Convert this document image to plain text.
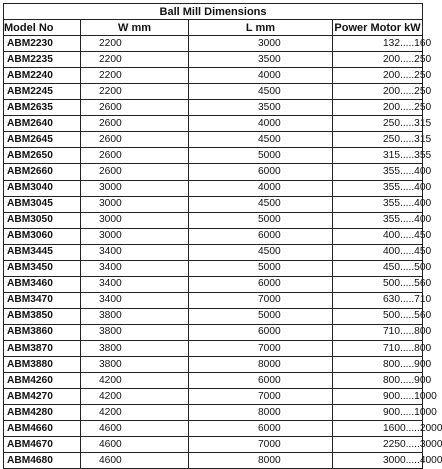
Ball Mill Dimensions			
Model No	W mm	L mm	Power Motor kW
ABM2230	2200	3000	132.....160
ABM2235	2200	3500	200.....250
ABM2240	2200	4000	200.....250
ABM2245	2200	4500	200.....250
ABM2635	2600	3500	200.....250
ABM2640	2600	4000	250.....315
ABM2645	2600	4500	250.....315
ABM2650	2600	5000	315.....355
ABM2660	2600	6000	355.....400
ABM3040	3000	4000	355.....400
ABM3045	3000	4500	355.....400
ABM3050	3000	5000	355.....400
ABM3060	3000	6000	400.....450
ABM3445	3400	4500	400.....450
ABM3450	3400	5000	450.....500
ABM3460	3400	6000	500.....560
ABM3470	3400	7000	630.....710
ABM3850	3800	5000	500.....560
ABM3860	3800	6000	710.....800
ABM3870	3800	7000	710.....800
ABM3880	3800	8000	800.....900
ABM4260	4200	6000	800.....900
ABM4270	4200	7000	900.....1000
ABM4280	4200	8000	900.....1000
ABM4660	4600	6000	1600.....2000
ABM4670	4600	7000	2250.....3000
ABM4680	4600	8000	3000.....4000
